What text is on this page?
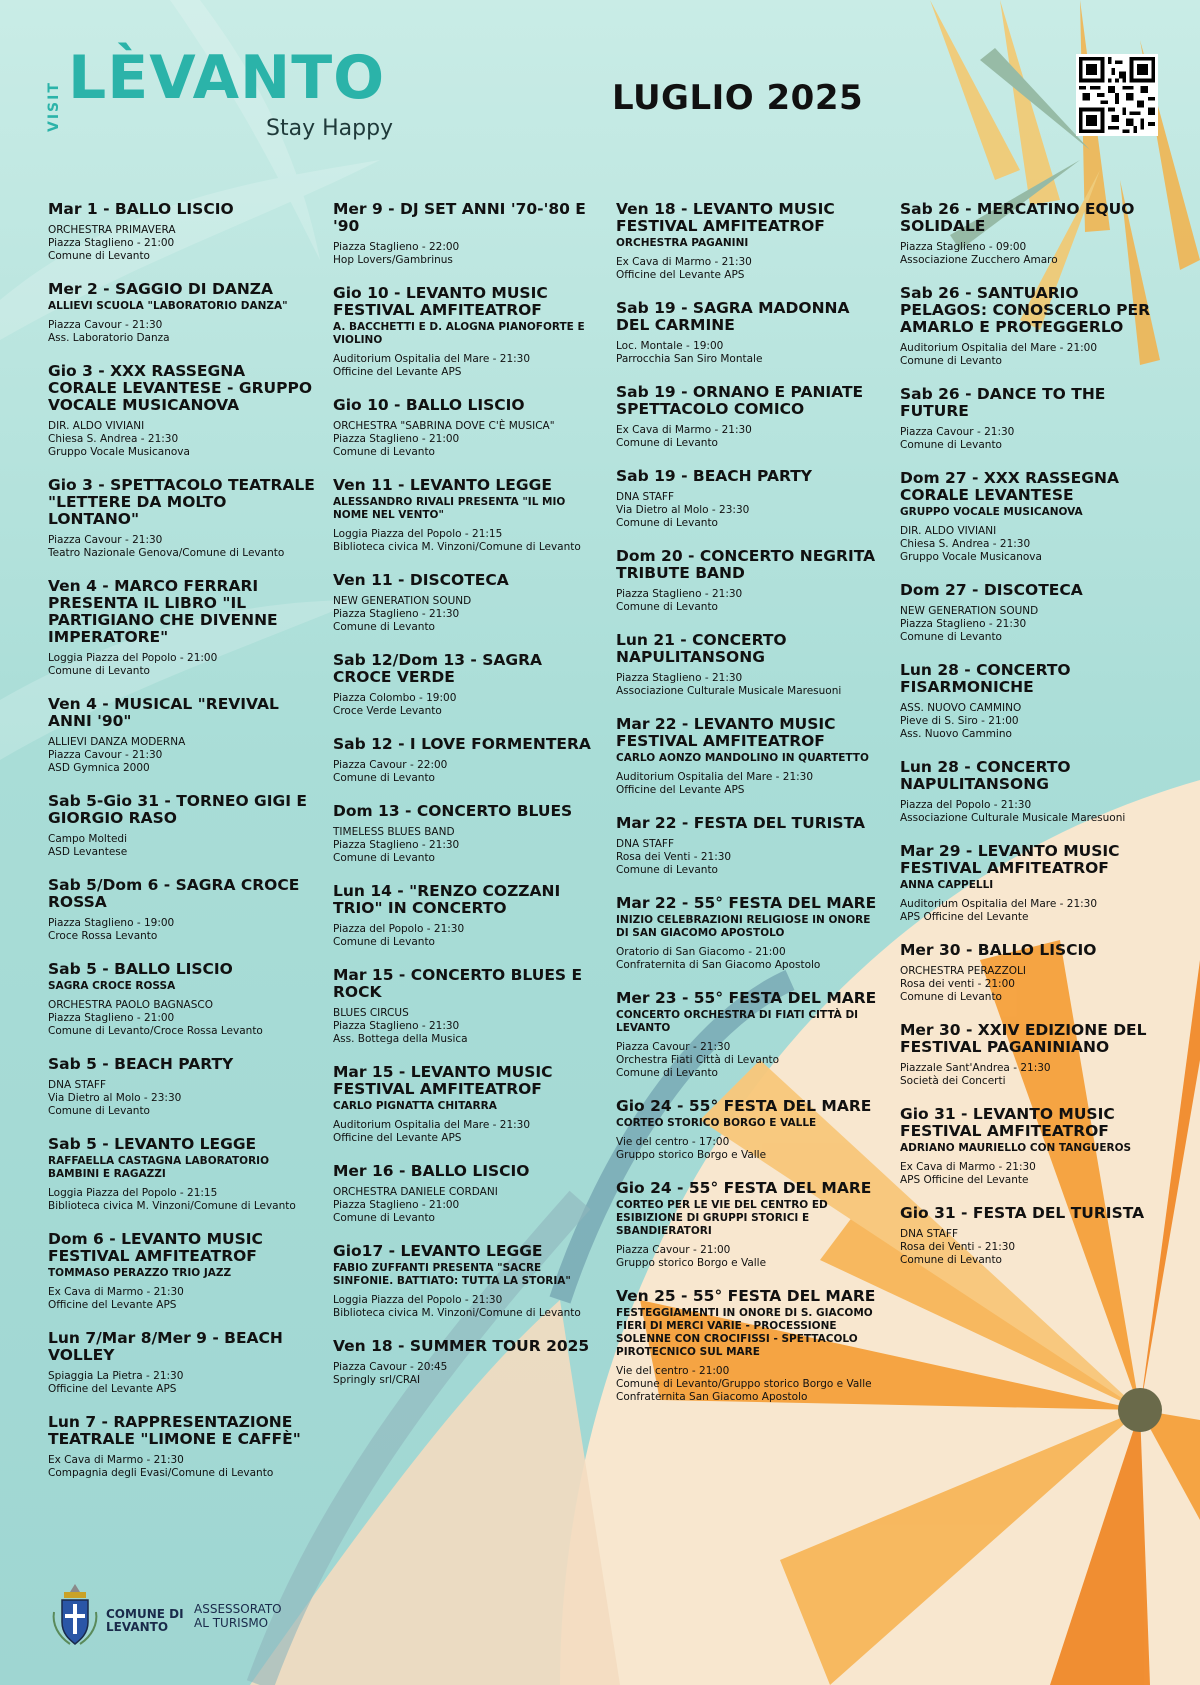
VISIT LÈVANTO
Stay Happy
LUGLIO 2025
Mar 1 - BALLO LISCIO
ORCHESTRA PRIMAVERA
Piazza Staglieno - 21:00
Comune di Levanto
Mer 2 - SAGGIO DI DANZA
ALLIEVI SCUOLA "LABORATORIO DANZA"
Piazza Cavour - 21:30
Ass. Laboratorio Danza
Gio 3 - XXX RASSEGNA CORALE LEVANTESE - GRUPPO VOCALE MUSICANOVA
DIR. ALDO VIVIANI
Chiesa S. Andrea - 21:30
Gruppo Vocale Musicanova
Gio 3 - SPETTACOLO TEATRALE "LETTERE DA MOLTO LONTANO"
Piazza Cavour - 21:30
Teatro Nazionale Genova/Comune di Levanto
Ven 4 - MARCO FERRARI PRESENTA IL LIBRO "IL PARTIGIANO CHE DIVENNE IMPERATORE"
Loggia Piazza del Popolo - 21:00
Comune di Levanto
Ven 4 - MUSICAL "REVIVAL ANNI '90"
ALLIEVI DANZA MODERNA
Piazza Cavour - 21:30
ASD Gymnica 2000
Sab 5-Gio 31 - TORNEO GIGI E GIORGIO RASO
Campo Moltedi
ASD Levantese
Sab 5/Dom 6 - SAGRA CROCE ROSSA
Piazza Staglieno - 19:00
Croce Rossa Levanto
Sab 5 - BALLO LISCIO
SAGRA CROCE ROSSA
ORCHESTRA PAOLO BAGNASCO
Piazza Staglieno - 21:00
Comune di Levanto/Croce Rossa Levanto
Sab 5 - BEACH PARTY
DNA STAFF
Via Dietro al Molo - 23:30
Comune di Levanto
Sab 5 - LEVANTO LEGGE
RAFFAELLA CASTAGNA LABORATORIO BAMBINI E RAGAZZI
Loggia Piazza del Popolo - 21:15
Biblioteca civica M. Vinzoni/Comune di Levanto
Dom 6 - LEVANTO MUSIC FESTIVAL AMFITEATROF
TOMMASO PERAZZO TRIO JAZZ
Ex Cava di Marmo - 21:30
Officine del Levante APS
Lun 7/Mar 8/Mer 9 - BEACH VOLLEY
Spiaggia La Pietra - 21:30
Officine del Levante APS
Lun 7 - RAPPRESENTAZIONE TEATRALE "LIMONE E CAFFÈ"
Ex Cava di Marmo - 21:30
Compagnia degli Evasi/Comune di Levanto
Mer 9 - DJ SET ANNI '70-'80 E '90
Piazza Staglieno - 22:00
Hop Lovers/Gambrinus
Gio 10 - LEVANTO MUSIC FESTIVAL AMFITEATROF
A. BACCHETTI E D. ALOGNA PIANOFORTE E VIOLINO
Auditorium Ospitalia del Mare - 21:30
Officine del Levante APS
Gio 10 - BALLO LISCIO
ORCHESTRA "SABRINA DOVE C'È MUSICA"
Piazza Staglieno - 21:00
Comune di Levanto
Ven 11 - LEVANTO LEGGE
ALESSANDRO RIVALI PRESENTA "IL MIO NOME NEL VENTO"
Loggia Piazza del Popolo - 21:15
Biblioteca civica M. Vinzoni/Comune di Levanto
Ven 11 - DISCOTECA
NEW GENERATION SOUND
Piazza Staglieno - 21:30
Comune di Levanto
Sab 12/Dom 13 - SAGRA CROCE VERDE
Piazza Colombo - 19:00
Croce Verde Levanto
Sab 12 - I LOVE FORMENTERA
Piazza Cavour - 22:00
Comune di Levanto
Dom 13 - CONCERTO BLUES
TIMELESS BLUES BAND
Piazza Staglieno - 21:30
Comune di Levanto
Lun 14 - "RENZO COZZANI TRIO" IN CONCERTO
Piazza del Popolo - 21:30
Comune di Levanto
Mar 15 - CONCERTO BLUES E ROCK
BLUES CIRCUS
Piazza Staglieno - 21:30
Ass. Bottega della Musica
Mar 15 - LEVANTO MUSIC FESTIVAL AMFITEATROF
CARLO PIGNATTA CHITARRA
Auditorium Ospitalia del Mare - 21:30
Officine del Levante APS
Mer 16 - BALLO LISCIO
ORCHESTRA DANIELE CORDANI
Piazza Staglieno - 21:00
Comune di Levanto
Gio17 - LEVANTO LEGGE
FABIO ZUFFANTI PRESENTA "SACRE SINFONIE. BATTIATO: TUTTA LA STORIA"
Loggia Piazza del Popolo - 21:30
Biblioteca civica M. Vinzoni/Comune di Levanto
Ven 18 - SUMMER TOUR 2025
Piazza Cavour - 20:45
Springly srl/CRAI
Ven 18 - LEVANTO MUSIC FESTIVAL AMFITEATROF
ORCHESTRA PAGANINI
Ex Cava di Marmo - 21:30
Officine del Levante APS
Sab 19 - SAGRA MADONNA DEL CARMINE
Loc. Montale - 19:00
Parrocchia San Siro Montale
Sab 19 - ORNANO E PANIATE SPETTACOLO COMICO
Ex Cava di Marmo - 21:30
Comune di Levanto
Sab 19 - BEACH PARTY
DNA STAFF
Via Dietro al Molo - 23:30
Comune di Levanto
Dom 20 - CONCERTO NEGRITA TRIBUTE BAND
Piazza Staglieno - 21:30
Comune di Levanto
Lun 21 - CONCERTO NAPULITANSONG
Piazza Staglieno - 21:30
Associazione Culturale Musicale Maresuoni
Mar 22 - LEVANTO MUSIC FESTIVAL AMFITEATROF
CARLO AONZO MANDOLINO IN QUARTETTO
Auditorium Ospitalia del Mare - 21:30
Officine del Levante APS
Mar 22 - FESTA DEL TURISTA
DNA STAFF
Rosa dei Venti - 21:30
Comune di Levanto
Mar 22 - 55° FESTA DEL MARE
INIZIO CELEBRAZIONI RELIGIOSE IN ONORE DI SAN GIACOMO APOSTOLO
Oratorio di San Giacomo - 21:00
Confraternita di San Giacomo Apostolo
Mer 23 - 55° FESTA DEL MARE
CONCERTO ORCHESTRA DI FIATI CITTÀ DI LEVANTO
Piazza Cavour - 21:30
Orchestra Fiati Città di Levanto
Comune di Levanto
Gio 24 - 55° FESTA DEL MARE
CORTEO STORICO BORGO E VALLE
Vie del centro - 17:00
Gruppo storico Borgo e Valle
Gio 24 - 55° FESTA DEL MARE
CORTEO PER LE VIE DEL CENTRO ED ESIBIZIONE DI GRUPPI STORICI E SBANDIERATORI
Piazza Cavour - 21:00
Gruppo storico Borgo e Valle
Ven 25 - 55° FESTA DEL MARE
FESTEGGIAMENTI IN ONORE DI S. GIACOMO FIERI DI MERCI VARIE - PROCESSIONE SOLENNE CON CROCIFISSI - SPETTACOLO PIROTECNICO SUL MARE
Vie del centro - 21:00
Comune di Levanto/Gruppo storico Borgo e Valle
Confraternita San Giacomo Apostolo
Sab 26 - MERCATINO EQUO SOLIDALE
Piazza Staglieno - 09:00
Associazione Zucchero Amaro
Sab 26 - SANTUARIO PELAGOS: CONOSCERLO PER AMARLO E PROTEGGERLO
Auditorium Ospitalia del Mare - 21:00
Comune di Levanto
Sab 26 - DANCE TO THE FUTURE
Piazza Cavour - 21:30
Comune di Levanto
Dom 27 - XXX RASSEGNA CORALE LEVANTESE
GRUPPO VOCALE MUSICANOVA
DIR. ALDO VIVIANI
Chiesa S. Andrea - 21:30
Gruppo Vocale Musicanova
Dom 27 - DISCOTECA
NEW GENERATION SOUND
Piazza Staglieno - 21:30
Comune di Levanto
Lun 28 - CONCERTO FISARMONICHE
ASS. NUOVO CAMMINO
Pieve di S. Siro - 21:00
Ass. Nuovo Cammino
Lun 28 - CONCERTO NAPULITANSONG
Piazza del Popolo - 21:30
Associazione Culturale Musicale Maresuoni
Mar 29 - LEVANTO MUSIC FESTIVAL AMFITEATROF
ANNA CAPPELLI
Auditorium Ospitalia del Mare - 21:30
APS Officine del Levante
Mer 30 - BALLO LISCIO
ORCHESTRA PERAZZOLI
Rosa dei venti - 21:00
Comune di Levanto
Mer 30 - XXIV EDIZIONE DEL FESTIVAL PAGANINIANO
Piazzale Sant'Andrea - 21:30
Società dei Concerti
Gio 31 - LEVANTO MUSIC FESTIVAL AMFITEATROF
ADRIANO MAURIELLO CON TANGUEROS
Ex Cava di Marmo - 21:30
APS Officine del Levante
Gio 31 - FESTA DEL TURISTA
DNA STAFF
Rosa dei Venti - 21:30
Comune di Levanto
COMUNE DI
LEVANTO
ASSESSORATO
AL TURISMO
